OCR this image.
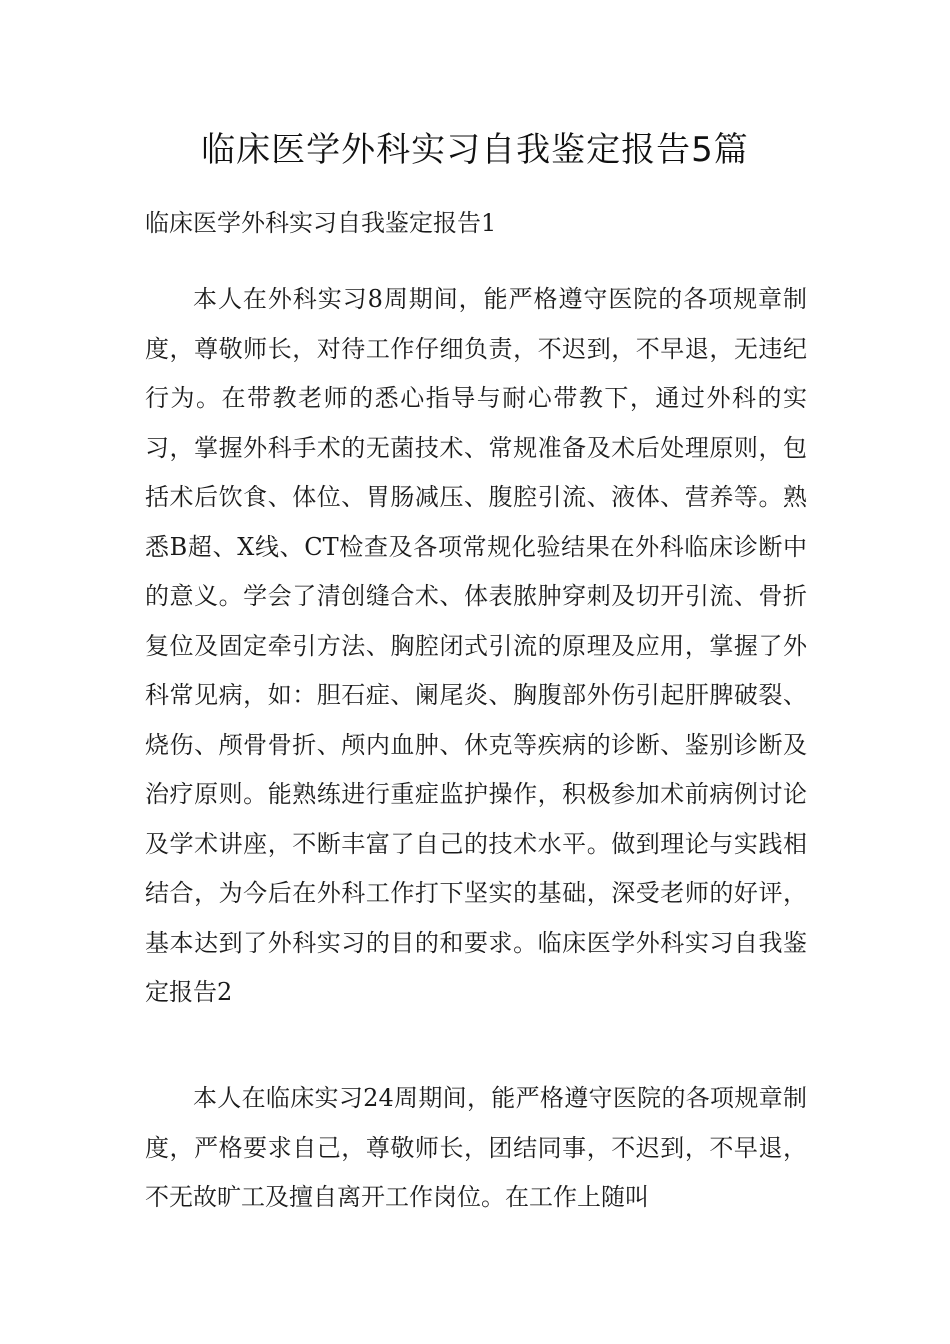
临床医学外科实习自我鉴定报告5篇

临床医学外科实习自我鉴定报告1

本人在外科实习8周期间，能严格遵守医院的各项规章制度，尊敬师长，对待工作仔细负责，不迟到，不早退，无违纪行为。在带教老师的悉心指导与耐心带教下，通过外科的实习，掌握外科手术的无菌技术、常规准备及术后处理原则，包括术后饮食、体位、胃肠减压、腹腔引流、液体、营养等。熟悉B超、X线、CT检查及各项常规化验结果在外科临床诊断中的意义。学会了清创缝合术、体表脓肿穿刺及切开引流、骨折复位及固定牵引方法、胸腔闭式引流的原理及应用，掌握了外科常见病，如：胆石症、阑尾炎、胸腹部外伤引起肝脾破裂、烧伤、颅骨骨折、颅内血肿、休克等疾病的诊断、鉴别诊断及治疗原则。能熟练进行重症监护操作，积极参加术前病例讨论及学术讲座，不断丰富了自己的技术水平。做到理论与实践相结合，为今后在外科工作打下坚实的基础，深受老师的好评，基本达到了外科实习的目的和要求。临床医学外科实习自我鉴定报告2

本人在临床实习24周期间，能严格遵守医院的各项规章制度，严格要求自己，尊敬师长，团结同事，不迟到，不早退，不无故旷工及擅自离开工作岗位。在工作上随叫
